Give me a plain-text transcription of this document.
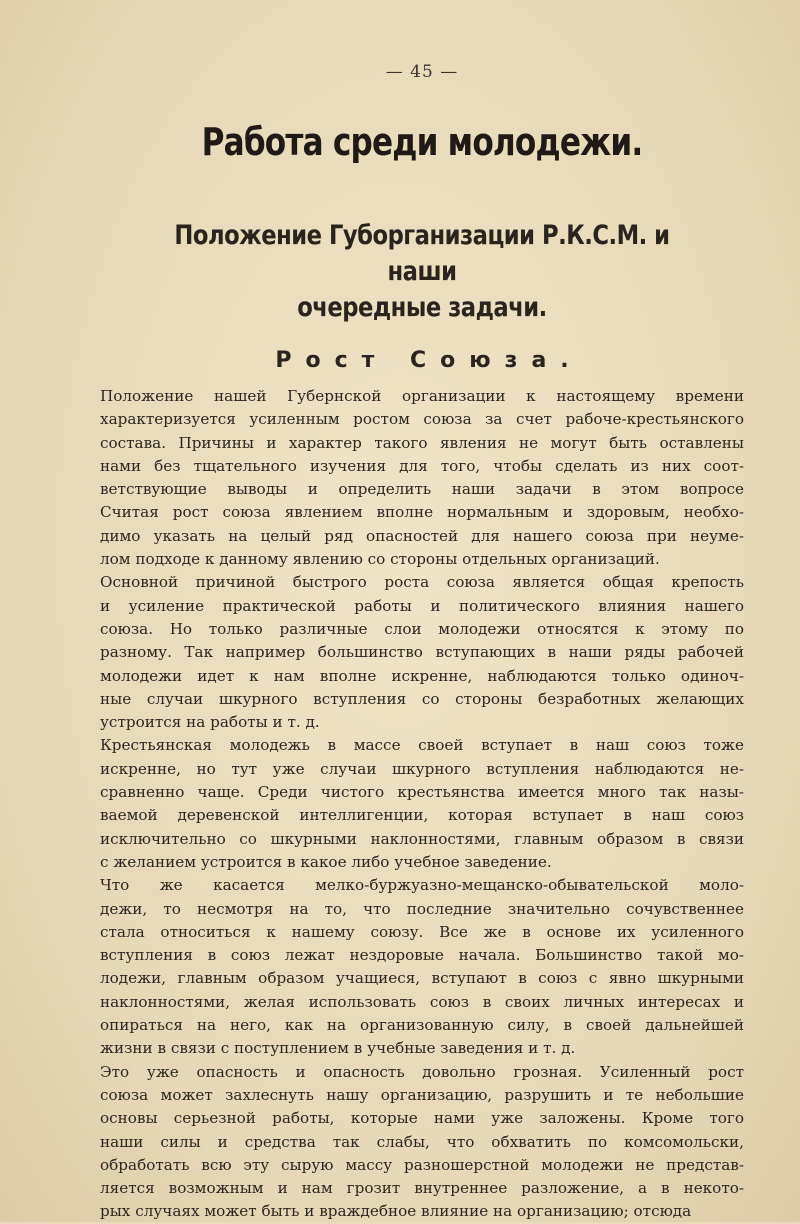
— 45 —
Работа среди молодежи.
Положение Губорганизации Р.К.С.М. и наши
очередные задачи.
Рост Союза.
Положение нашей Губернской организации к настоящему времени
характеризуется усиленным ростом союза за счет рабоче-крестьянского
состава. Причины и характер такого явления не могут быть оставлены
нами без тщательного изучения для того, чтобы сделать из них соот-
ветствующие выводы и определить наши задачи в этом вопросе
Считая рост союза явлением вполне нормальным и здоровым, необхо-
димо указать на целый ряд опасностей для нашего союза при неуме-
лом подходе к данному явлению со стороны отдельных организаций.
Основной причиной быстрого роста союза является общая крепость
и усиление практической работы и политического влияния нашего
союза. Но только различные слои молодежи относятся к этому по
разному. Так например большинство вступающих в наши ряды рабочей
молодежи идет к нам вполне искренне, наблюдаются только одиноч-
ные случаи шкурного вступления со стороны безработных желающих
устроится на работы и т. д.
Крестьянская молодежь в массе своей вступает в наш союз тоже
искренне, но тут уже случаи шкурного вступления наблюдаются не-
сравненно чаще. Среди чистого крестьянства имеется много так назы-
ваемой деревенской интеллигенции, которая вступает в наш союз
исключительно со шкурными наклонностями, главным образом в связи
с желанием устроится в какое либо учебное заведение.
Что же касается мелко-буржуазно-мещанско-обывательской моло-
дежи, то несмотря на то, что последние значительно сочувственнее
стала относиться к нашему союзу. Все же в основе их усиленного
вступления в союз лежат нездоровые начала. Большинство такой мо-
лодежи, главным образом учащиеся, вступают в союз с явно шкурными
наклонностями, желая использовать союз в своих личных интересах и
опираться на него, как на организованную силу, в своей дальнейшей
жизни в связи с поступлением в учебные заведения и т. д.
Это уже опасность и опасность довольно грозная. Усиленный рост
союза может захлеснуть нашу организацию, разрушить и те небольшие
основы серьезной работы, которые нами уже заложены. Кроме того
наши силы и средства так слабы, что обхватить по комсомольски,
обработать всю эту сырую массу разношерстной молодежи не представ-
ляется возможным и нам грозит внутреннее разложение, а в некото-
рых случаях может быть и враждебное влияние на организацию; отсюда
